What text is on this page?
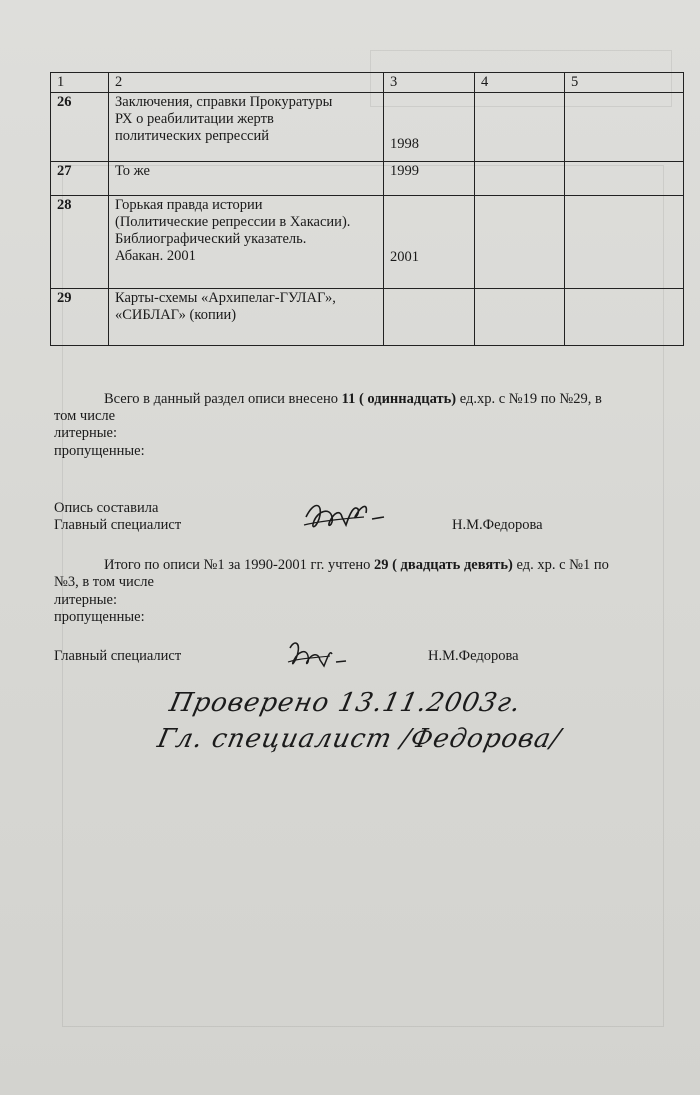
1	2	3	4	5
26	Заключения, справки Прокуратуры
РХ о реабилитации жертв
политических репрессий	1998		
27	То же	1999		
28	Горькая правда истории
(Политические репрессии в Хакасии).
Библиографический указатель.
Абакан. 2001	2001		
29	Карты-схемы «Архипелаг-ГУЛАГ»,
«СИБЛАГ» (копии)			

Всего в данный раздел описи внесено 11 ( одиннадцать) ед.хр. с №19 по №29, в
том числе
литерные:
пропущенные:
Опись составила
Главный специалист	Н.М.Федорова
Итого по описи №1 за 1990-2001 гг. учтено 29 ( двадцать девять) ед. хр. с №1 по
№3, в том числе
литерные:
пропущенные:
Главный специалист	Н.М.Федорова
Проверено 13.11.2003г.
Гл. специалист /Федорова/
